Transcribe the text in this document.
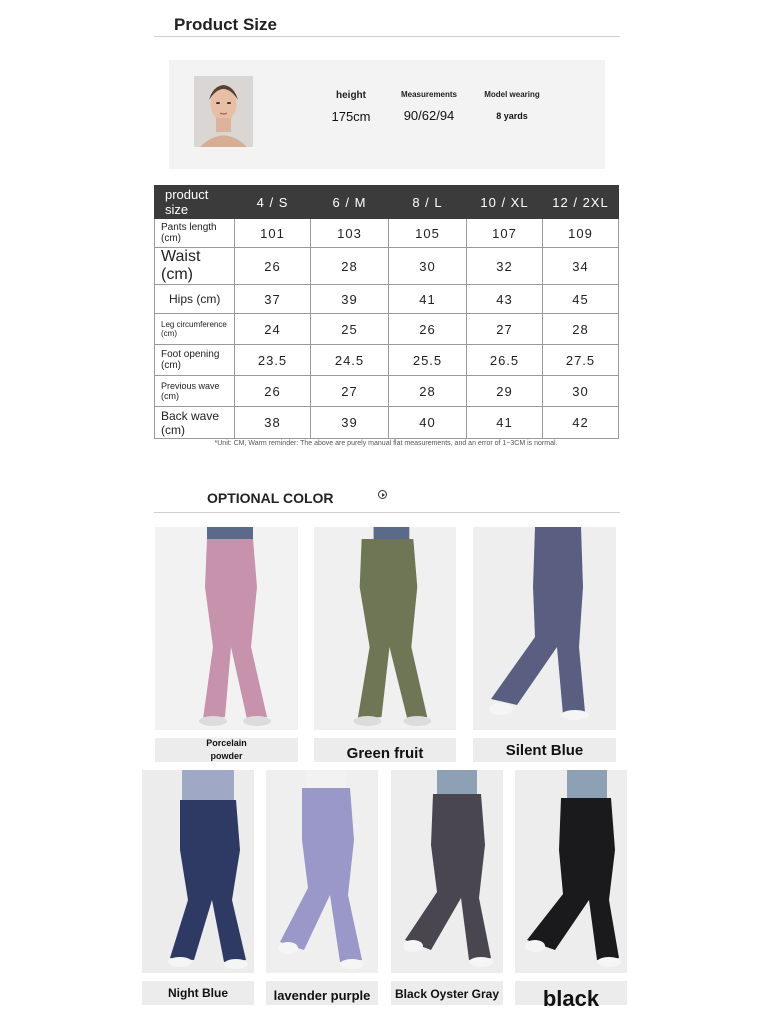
Product Size
height
175cm
Measurements
90/62/94
Model wearing
8 yards
product size	4 / S	6 / M	8 / L	10 / XL	12 / 2XL
Pants length (cm)	101	103	105	107	109
Waist (cm)	26	28	30	32	34
Hips (cm)	37	39	41	43	45
Leg circumference (cm)	24	25	26	27	28
Foot opening (cm)	23.5	24.5	25.5	26.5	27.5
Previous wave (cm)	26	27	28	29	30
Back wave (cm)	38	39	40	41	42
*Unit: CM, Warm reminder: The above are purely manual flat measurements, and an error of 1~3CM is normal.
OPTIONAL COLOR
Porcelain powder	Green fruit	Silent Blue
Night Blue	lavender purple Black Oyster Gray black
